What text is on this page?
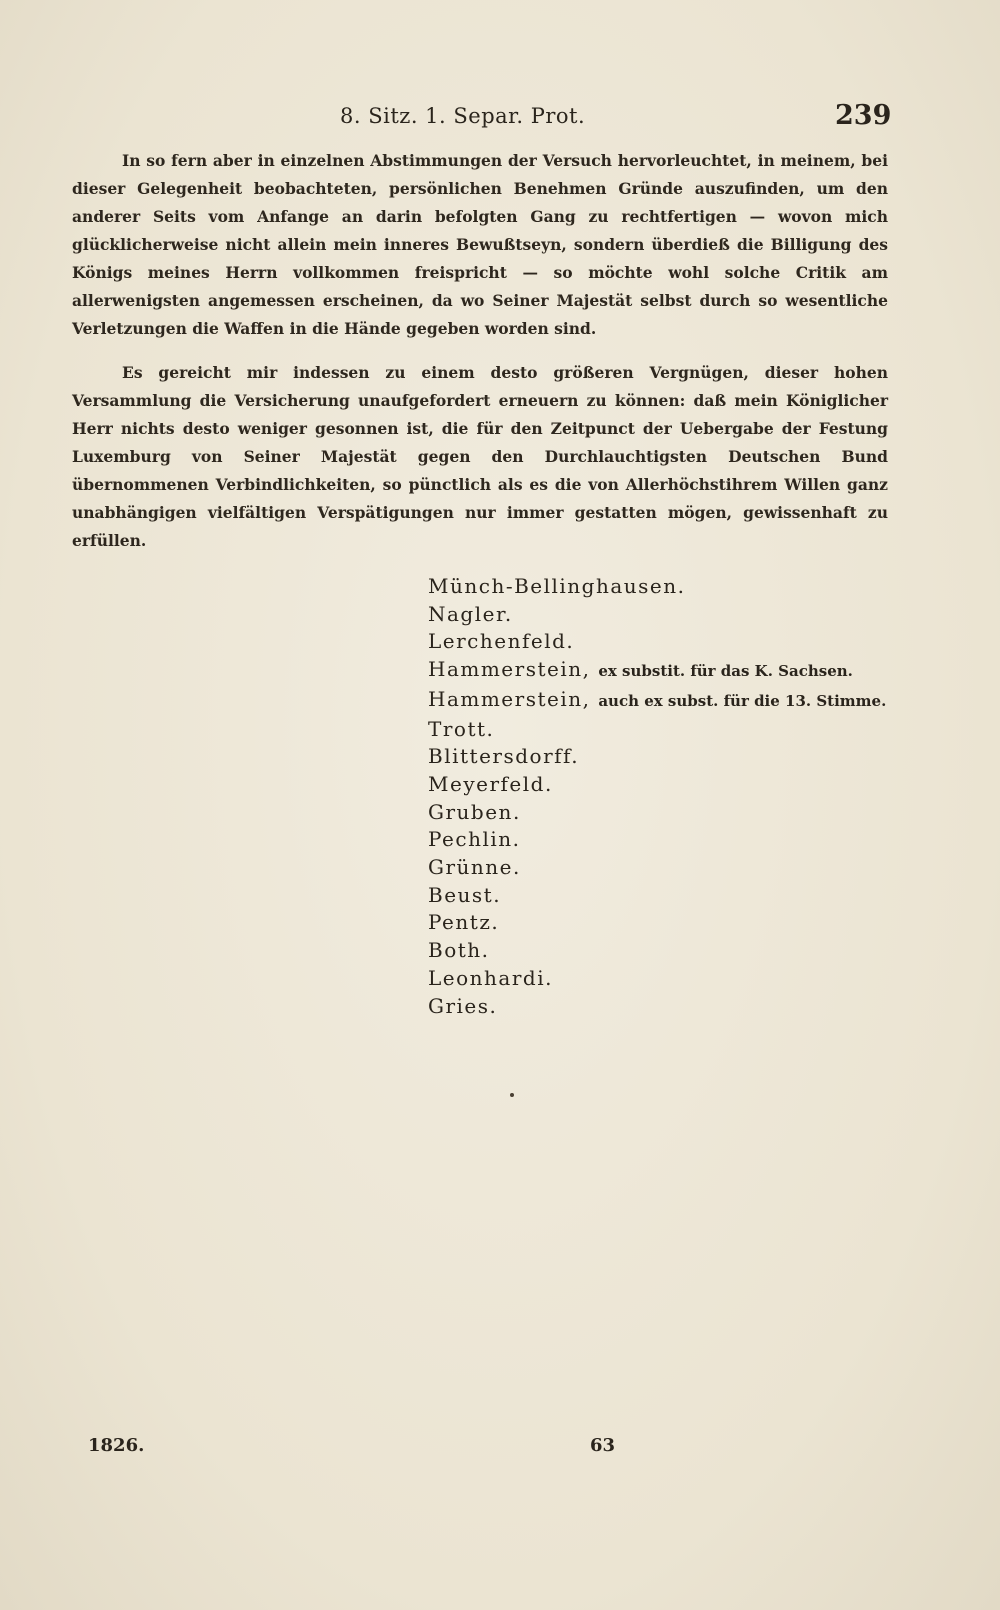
8. Sitz. 1. Separ. Prot.	239

In so fern aber in einzelnen Abstimmungen der Versuch hervorleuchtet, in meinem, bei dieser Gelegenheit beobachteten, persönlichen Benehmen Gründe auszufinden, um den anderer Seits vom Anfange an darin befolgten Gang zu rechtfertigen — wovon mich glücklicherweise nicht allein mein inneres Bewußtseyn, sondern überdieß die Billigung des Königs meines Herrn vollkommen freispricht — so möchte wohl solche Critik am allerwenigsten angemessen erscheinen, da wo Seiner Majestät selbst durch so wesentliche Verletzungen die Waffen in die Hände gegeben worden sind.

Es gereicht mir indessen zu einem desto größeren Vergnügen, dieser hohen Versammlung die Versicherung unaufgefordert erneuern zu können: daß mein Königlicher Herr nichts desto weniger gesonnen ist, die für den Zeitpunct der Uebergabe der Festung Luxemburg von Seiner Majestät gegen den Durchlauchtigsten Deutschen Bund übernommenen Verbindlichkeiten, so pünctlich als es die von Allerhöchstihrem Willen ganz unabhängigen vielfältigen Verspätigungen nur immer gestatten mögen, gewissenhaft zu erfüllen.

Münch-Bellinghausen.
Nagler.
Lerchenfeld.
Hammerstein, ex substit. für das K. Sachsen.
Hammerstein, auch ex subst. für die 13. Stimme.
Trott.
Blittersdorff.
Meyerfeld.
Gruben.
Pechlin.
Grünne.
Beust.
Pentz.
Both.
Leonhardi.
Gries.
1826.	63
